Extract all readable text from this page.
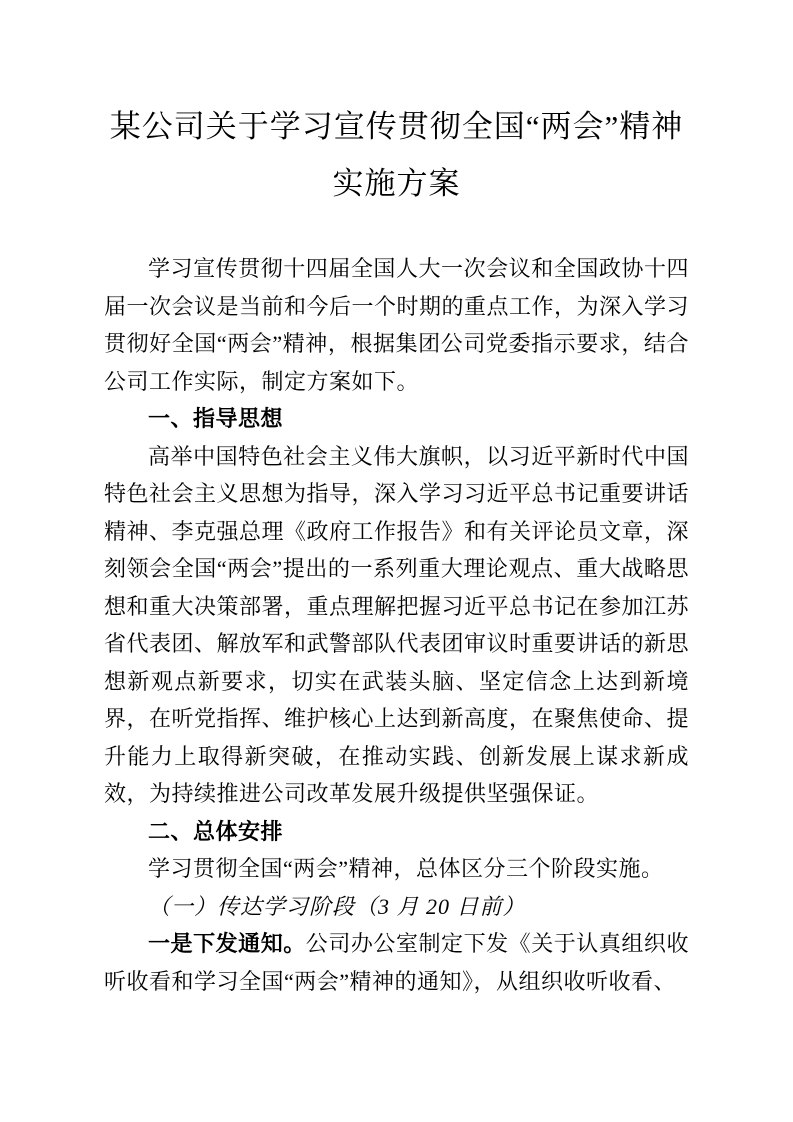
某公司关于学习宣传贯彻全国“两会”精神
实施方案

学习宣传贯彻十四届全国人大一次会议和全国政协十四届一次会议是当前和今后一个时期的重点工作，为深入学习贯彻好全国“两会”精神，根据集团公司党委指示要求，结合公司工作实际，制定方案如下。

一、指导思想

高举中国特色社会主义伟大旗帜，以习近平新时代中国特色社会主义思想为指导，深入学习习近平总书记重要讲话精神、李克强总理《政府工作报告》和有关评论员文章，深刻领会全国“两会”提出的一系列重大理论观点、重大战略思想和重大决策部署，重点理解把握习近平总书记在参加江苏省代表团、解放军和武警部队代表团审议时重要讲话的新思想新观点新要求，切实在武装头脑、坚定信念上达到新境界，在听党指挥、维护核心上达到新高度，在聚焦使命、提升能力上取得新突破，在推动实践、创新发展上谋求新成效，为持续推进公司改革发展升级提供坚强保证。

二、总体安排

学习贯彻全国“两会”精神，总体区分三个阶段实施。

（一）传达学习阶段（3 月 20 日前）

一是下发通知。公司办公室制定下发《关于认真组织收听收看和学习全国“两会”精神的通知》，从组织收听收看、
